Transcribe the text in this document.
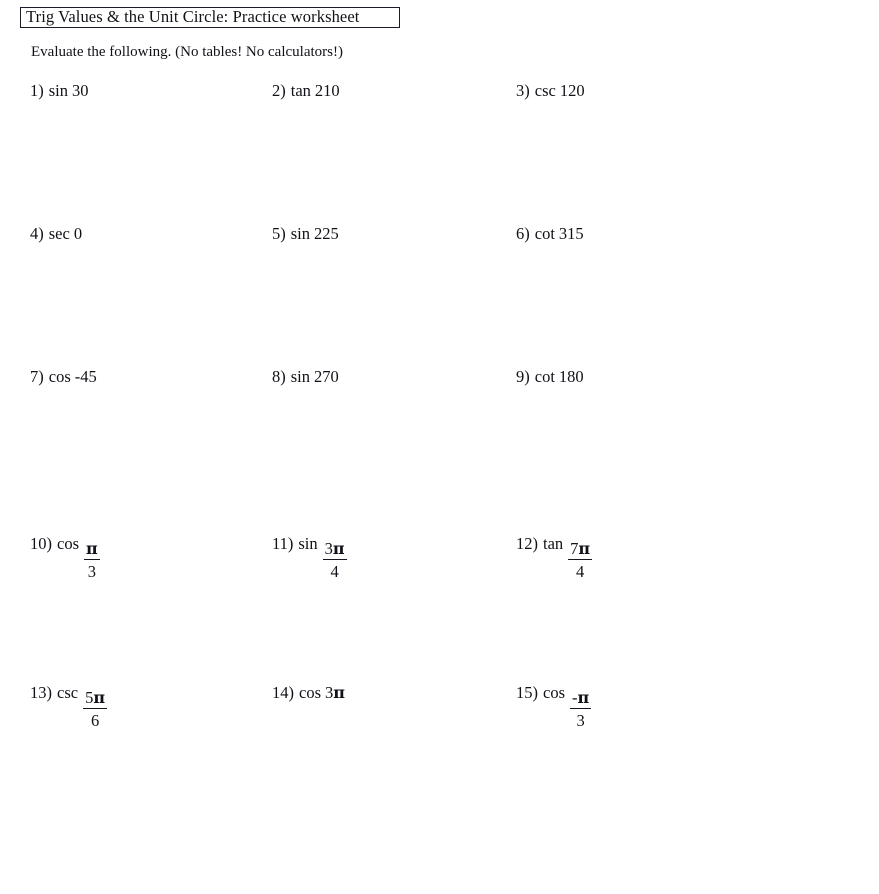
Trig Values & the Unit Circle: Practice worksheet
Evaluate the following. (No tables! No calculators!)
1) sin 30	2) tan 210	3) csc 120
4) sec 0	5) sin 225	6) cot 315
7) cos -45	8) sin 270	9) cot 180
10) $\cos \frac{\pi}{3}$	11) $\sin \frac{3\pi}{4}$	12) $\tan \frac{7\pi}{4}$
13) $\csc \frac{5\pi}{6}$	14) cos 3π	15) $\cos \frac{-\pi}{3}$
